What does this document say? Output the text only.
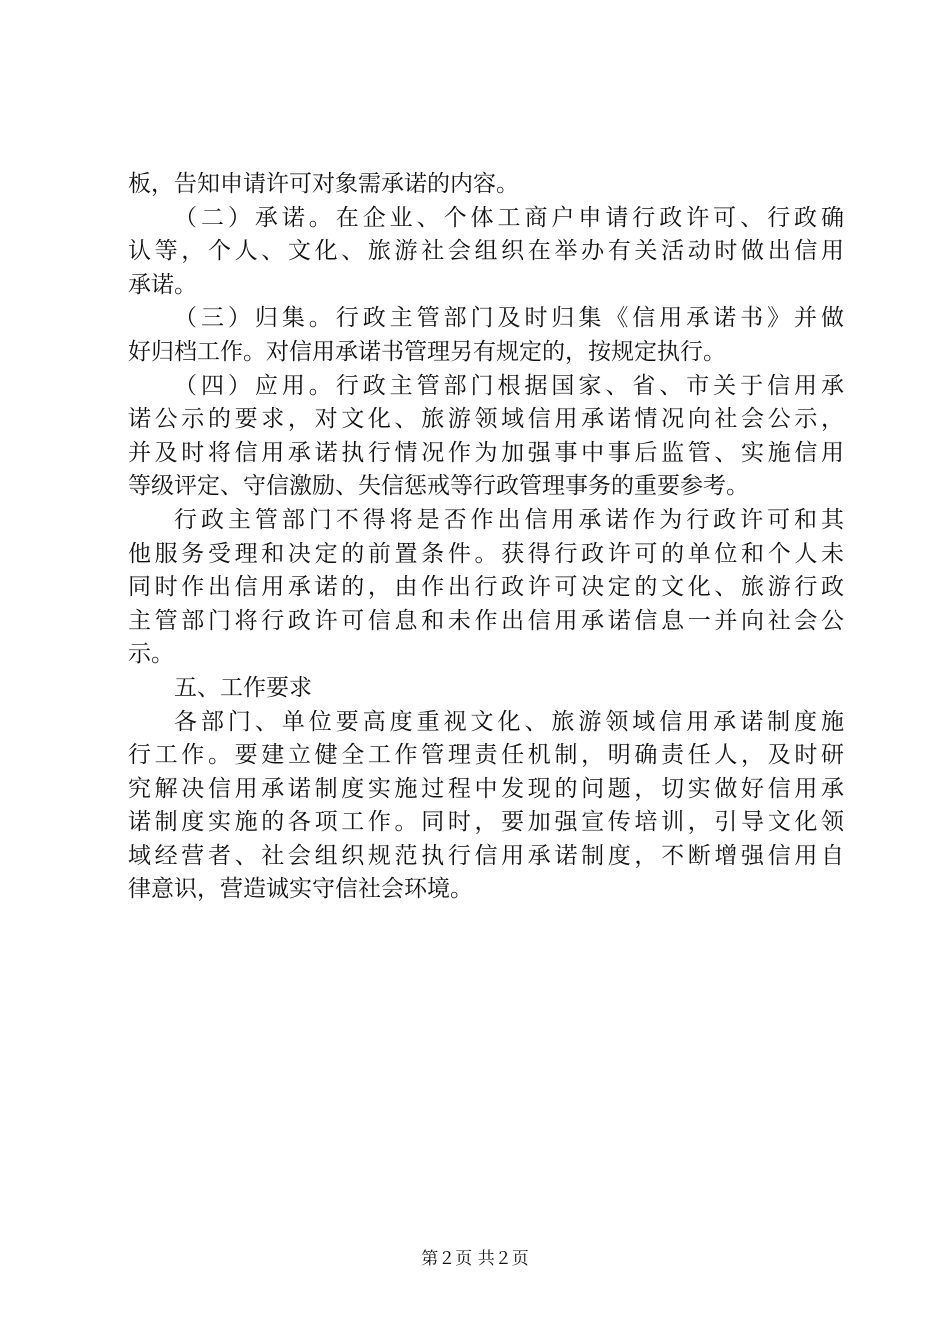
板，告知申请许可对象需承诺的内容。
（二）承诺。在企业、个体工商户申请行政许可、行政确
认等，个人、文化、旅游社会组织在举办有关活动时做出信用
承诺。
（三）归集。行政主管部门及时归集《信用承诺书》并做
好归档工作。对信用承诺书管理另有规定的，按规定执行。
（四）应用。行政主管部门根据国家、省、市关于信用承
诺公示的要求，对文化、旅游领域信用承诺情况向社会公示，
并及时将信用承诺执行情况作为加强事中事后监管、实施信用
等级评定、守信激励、失信惩戒等行政管理事务的重要参考。
行政主管部门不得将是否作出信用承诺作为行政许可和其
他服务受理和决定的前置条件。获得行政许可的单位和个人未
同时作出信用承诺的，由作出行政许可决定的文化、旅游行政
主管部门将行政许可信息和未作出信用承诺信息一并向社会公
示。
五、工作要求
各部门、单位要高度重视文化、旅游领域信用承诺制度施
行工作。要建立健全工作管理责任机制，明确责任人，及时研
究解决信用承诺制度实施过程中发现的问题，切实做好信用承
诺制度实施的各项工作。同时，要加强宣传培训，引导文化领
域经营者、社会组织规范执行信用承诺制度，不断增强信用自
律意识，营造诚实守信社会环境。
第２页 共２页
